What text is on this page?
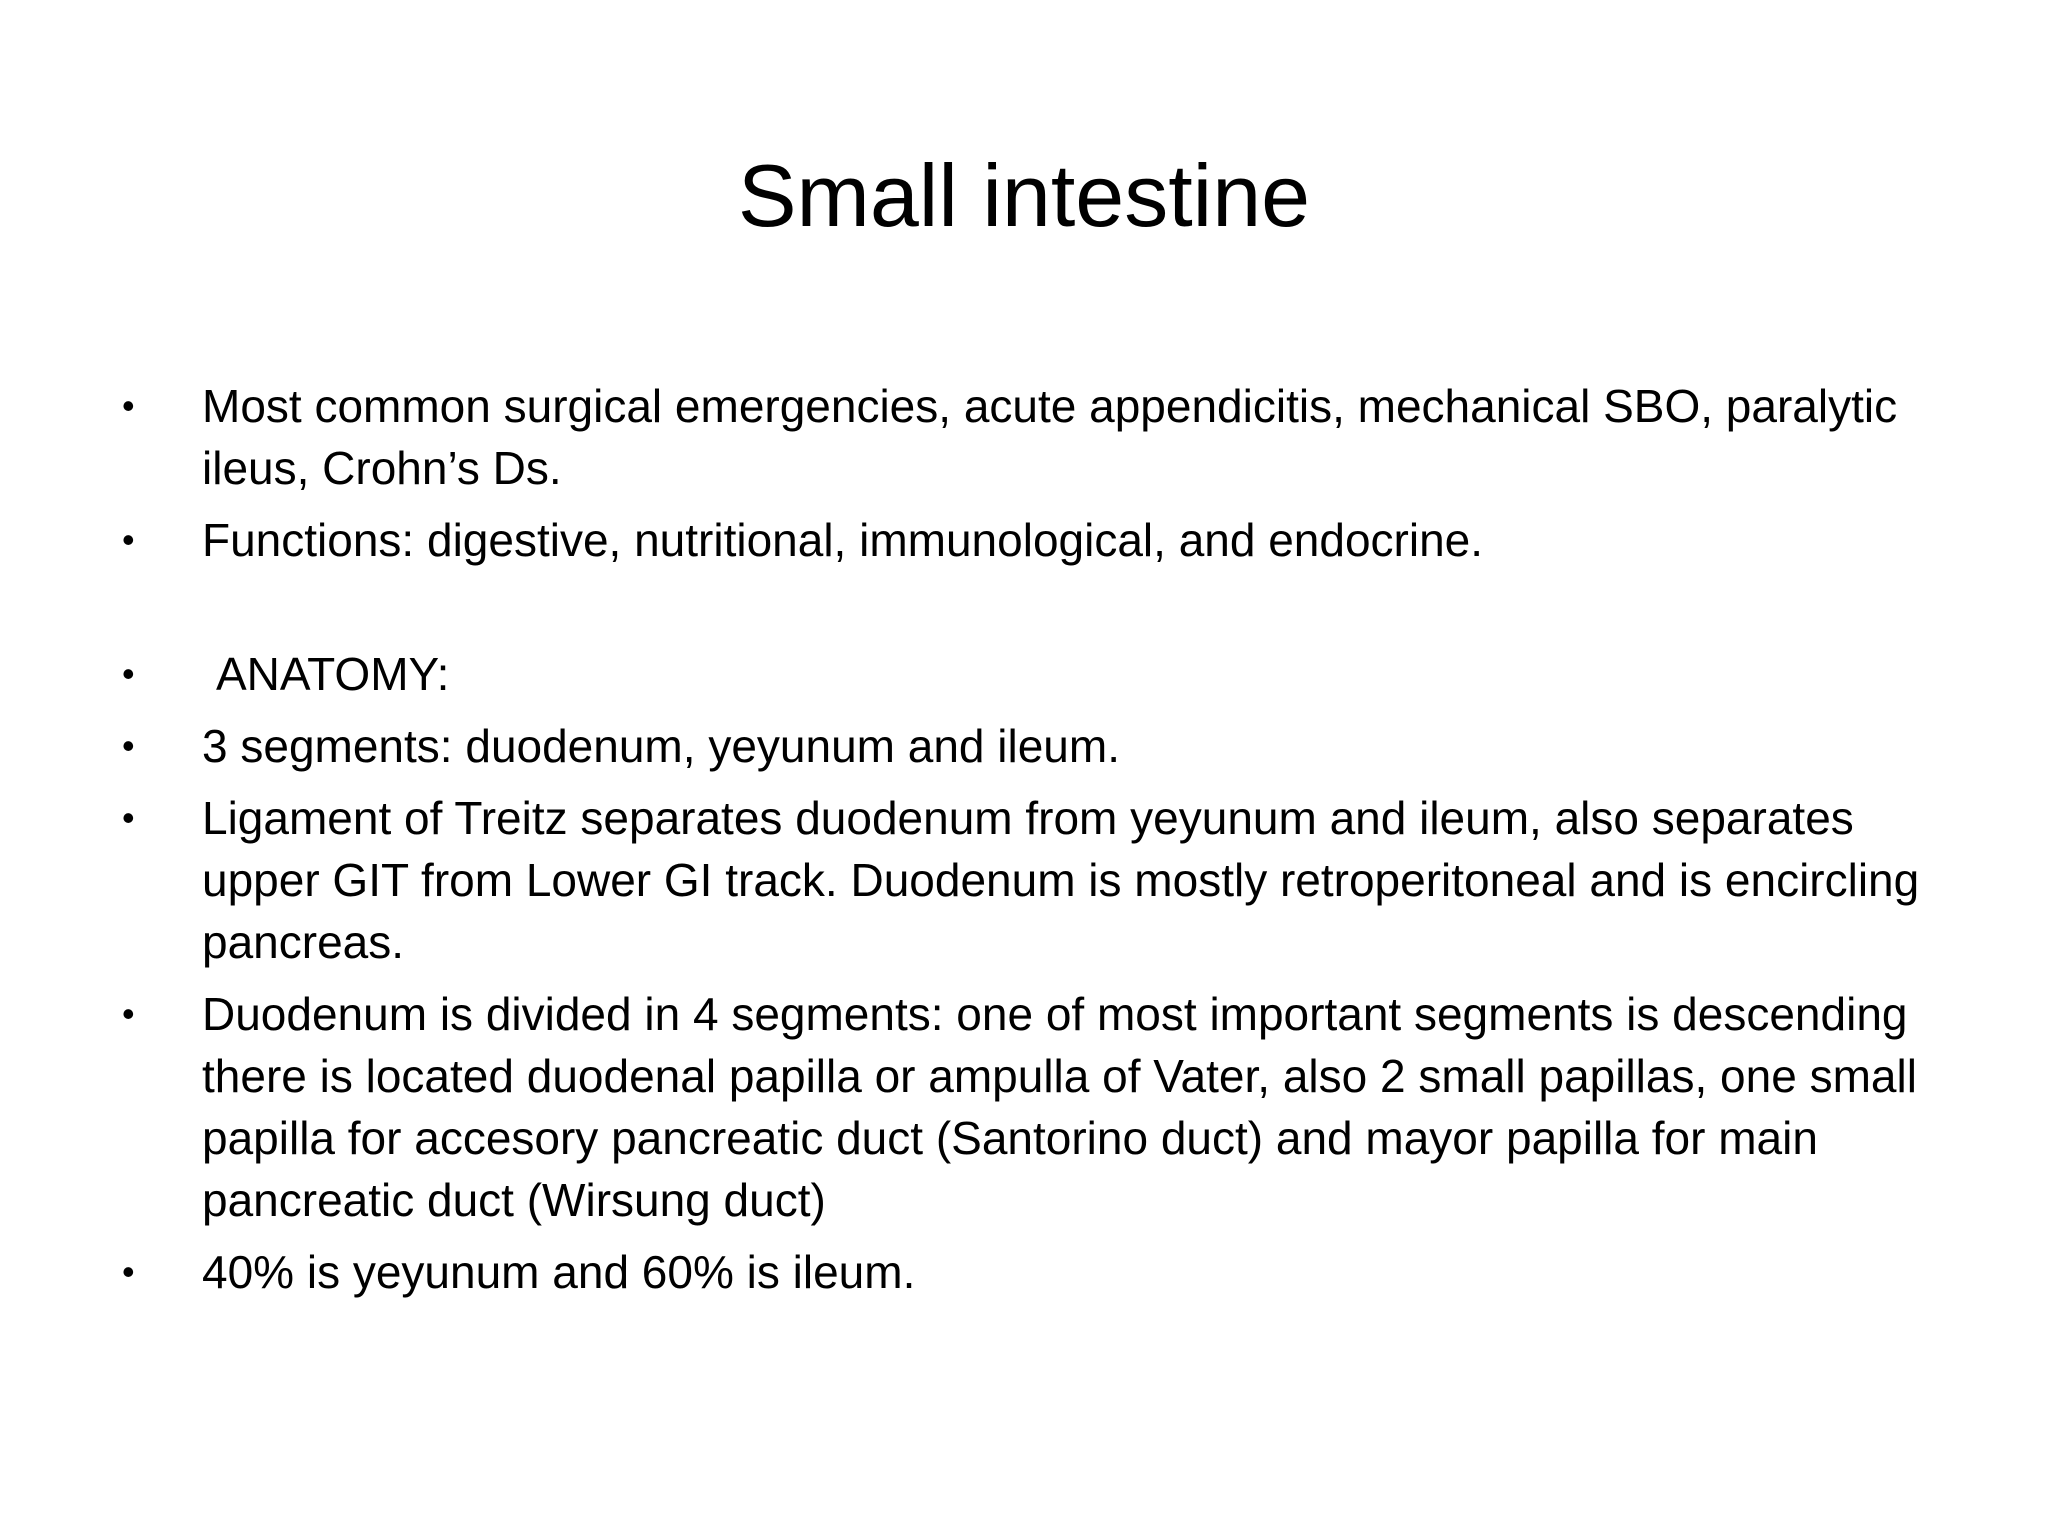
Small intestine
•	Most common surgical emergencies, acute appendicitis, mechanical SBO, paralytic ileus, Crohn’s Ds.
•	Functions: digestive, nutritional, immunological, and endocrine.
•	ANATOMY:
•	3 segments: duodenum, yeyunum and ileum.
•	Ligament of Treitz separates duodenum from yeyunum and ileum, also separates upper GIT from Lower GI track. Duodenum is mostly retroperitoneal and is encircling pancreas.
•	Duodenum is divided in 4 segments: one of most important segments is descending there is located duodenal papilla or ampulla of Vater, also 2 small papillas, one small papilla for accesory pancreatic duct (Santorino duct) and mayor papilla for main pancreatic duct (Wirsung duct)
•	40% is yeyunum and 60% is ileum.
